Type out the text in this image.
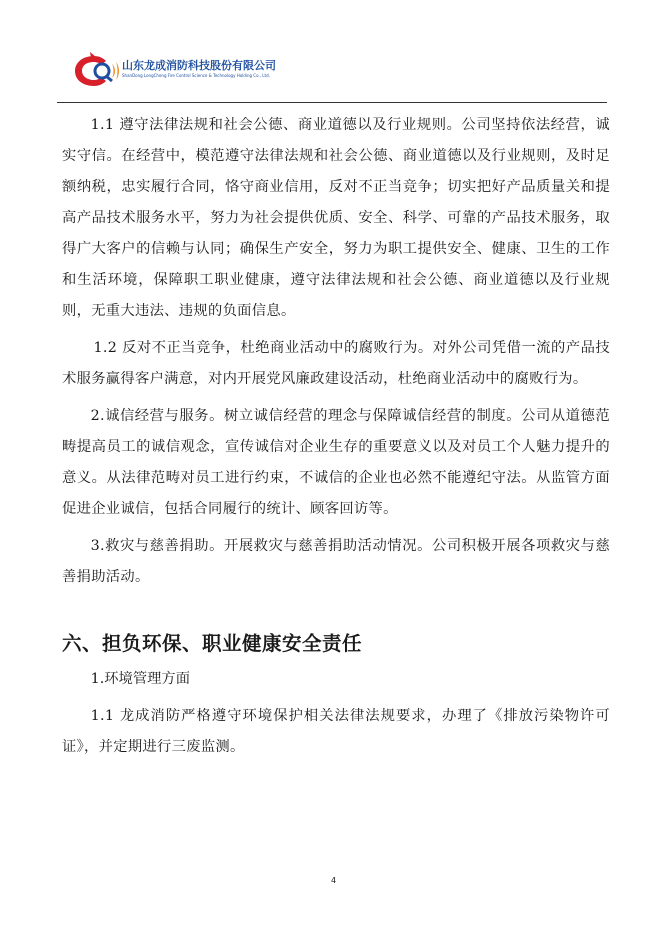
山东龙成消防科技股份有限公司
ShanDong LongCheng Fire Control Science & Technology Holding Co., Ltd.

1.1 遵守法律法规和社会公德、商业道德以及行业规则。公司坚持依法经营，诚实守信。在经营中，模范遵守法律法规和社会公德、商业道德以及行业规则，及时足额纳税，忠实履行合同，恪守商业信用，反对不正当竞争；切实把好产品质量关和提高产品技术服务水平，努力为社会提供优质、安全、科学、可靠的产品技术服务，取得广大客户的信赖与认同；确保生产安全，努力为职工提供安全、健康、卫生的工作和生活环境，保障职工职业健康，遵守法律法规和社会公德、商业道德以及行业规则，无重大违法、违规的负面信息。

1.2 反对不正当竞争，杜绝商业活动中的腐败行为。对外公司凭借一流的产品技术服务赢得客户满意，对内开展党风廉政建设活动，杜绝商业活动中的腐败行为。

2.诚信经营与服务。树立诚信经营的理念与保障诚信经营的制度。公司从道德范畴提高员工的诚信观念，宣传诚信对企业生存的重要意义以及对员工个人魅力提升的意义。从法律范畴对员工进行约束，不诚信的企业也必然不能遵纪守法。从监管方面促进企业诚信，包括合同履行的统计、顾客回访等。

3.救灾与慈善捐助。开展救灾与慈善捐助活动情况。公司积极开展各项救灾与慈善捐助活动。

六、担负环保、职业健康安全责任

1.环境管理方面

1.1 龙成消防严格遵守环境保护相关法律法规要求，办理了《排放污染物许可证》，并定期进行三废监测。

4
